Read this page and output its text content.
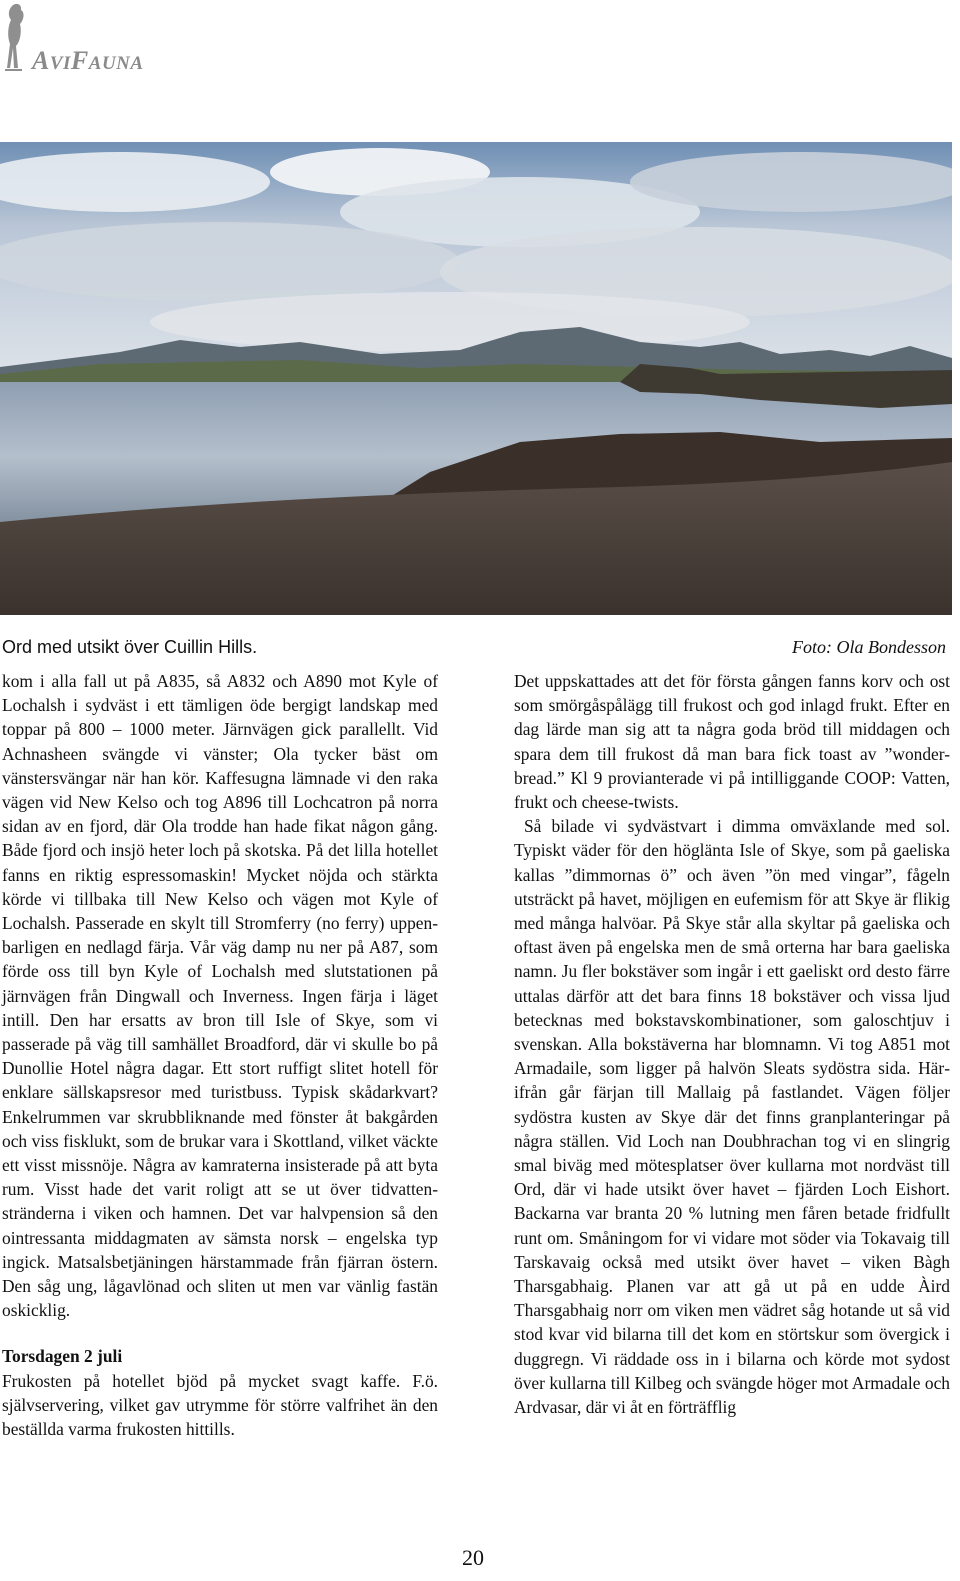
AVIFAUNA
Ord med utsikt över Cuillin Hills.	Foto: Ola Bondesson

kom i alla fall ut på A835, så A832 och A890 mot Kyle of Lochalsh i sydväst i ett tämligen öde bergigt landskap med toppar på 800 – 1000 meter. Järnvägen gick parallellt. Vid Achnasheen svängde vi vänster; Ola tycker bäst om vänstersvängar när han kör. Kaffesugna lämnade vi den raka vägen vid New Kelso och tog A896 till Lochcatron på norra sidan av en fjord, där Ola trodde han hade fikat någon gång. Både fjord och insjö heter loch på skotska. På det lilla hotellet fanns en riktig espressomaskin! Mycket nöjda och stärkta körde vi tillbaka till New Kelso och vägen mot Kyle of Lochalsh. Passerade en skylt till Stromferry (no ferry) uppenbarligen en nedlagd färja. Vår väg damp nu ner på A87, som förde oss till byn Kyle of Lochalsh med slutstationen på järnvägen från Dingwall och Inverness. Ingen färja i läget intill. Den har ersatts av bron till Isle of Skye, som vi passerade på väg till samhället Broadford, där vi skulle bo på Dunollie Hotel några dagar. Ett stort ruffigt slitet hotell för enklare sällskapsresor med turistbuss. Typisk skådarkvart? Enkelrummen var skrubbliknande med fönster åt bakgården och viss fisklukt, som de brukar vara i Skottland, vilket väckte ett visst missnöje. Några av kamraterna insisterade på att byta rum. Visst hade det varit roligt att se ut över tidvattenstränderna i viken och hamnen. Det var halvpension så den ointressanta middagmaten av sämsta norsk – engelska typ ingick. Matsalsbetjäningen härstammade från fjärran östern. Den såg ung, lågavlönad och sliten ut men var vänlig fastän oskicklig.

Torsdagen 2 juli

Frukosten på hotellet bjöd på mycket svagt kaffe. F.ö. självservering, vilket gav utrymme för större valfrihet än den beställda varma frukosten hittills.

Det uppskattades att det för första gången fanns korv och ost som smörgåspålägg till frukost och god inlagd frukt. Efter en dag lärde man sig att ta några goda bröd till middagen och spara dem till frukost då man bara fick toast av ”wonder-bread.” Kl 9 provianterade vi på intilliggande COOP: Vatten, frukt och cheese-twists.

Så bilade vi sydvästvart i dimma omväxlande med sol. Typiskt väder för den högläntа Isle of Skye, som på gaeliska kallas ”dimmornas ö” och även ”ön med vingar”, fågeln utsträckt på havet, möjligen en eufemism för att Skye är flikig med många halvöar. På Skye står alla skyltar på gaeliska och oftast även på engelska men de små orterna har bara gaeliska namn. Ju fler bokstäver som ingår i ett gaeliskt ord desto färre uttalas därför att det bara finns 18 bokstäver och vissa ljud betecknas med bokstavskombinationer, som galoschtjuv i svenskan. Alla bokstäverna har blomnamn. Vi tog A851 mot Armadaile, som ligger på halvön Sleats sydöstra sida. Härifrån går färjan till Mallaig på fastlandet. Vägen följer sydöstra kusten av Skye där det finns granplanteringar på några ställen. Vid Loch nan Doubhrachan tog vi en slingrig smal biväg med mötesplatser över kullarna mot nordväst till Ord, där vi hade utsikt över havet – fjärden Loch Eishort. Backarna var branta 20 % lutning men fåren betade fridfullt runt om. Småningom for vi vidare mot söder via Tokavaig till Tarskavaig också med utsikt över havet – viken Bàgh Tharsgabhaig. Planen var att gå ut på en udde Àird Tharsgabhaig norr om viken men vädret såg hotande ut så vid stod kvar vid bilarna till det kom en störtskur som övergick i duggregn. Vi räddade oss in i bilarna och körde mot sydost över kullarna till Kilbeg och svängde höger mot Armadale och Ardvasar, där vi åt en förträfflig

20
